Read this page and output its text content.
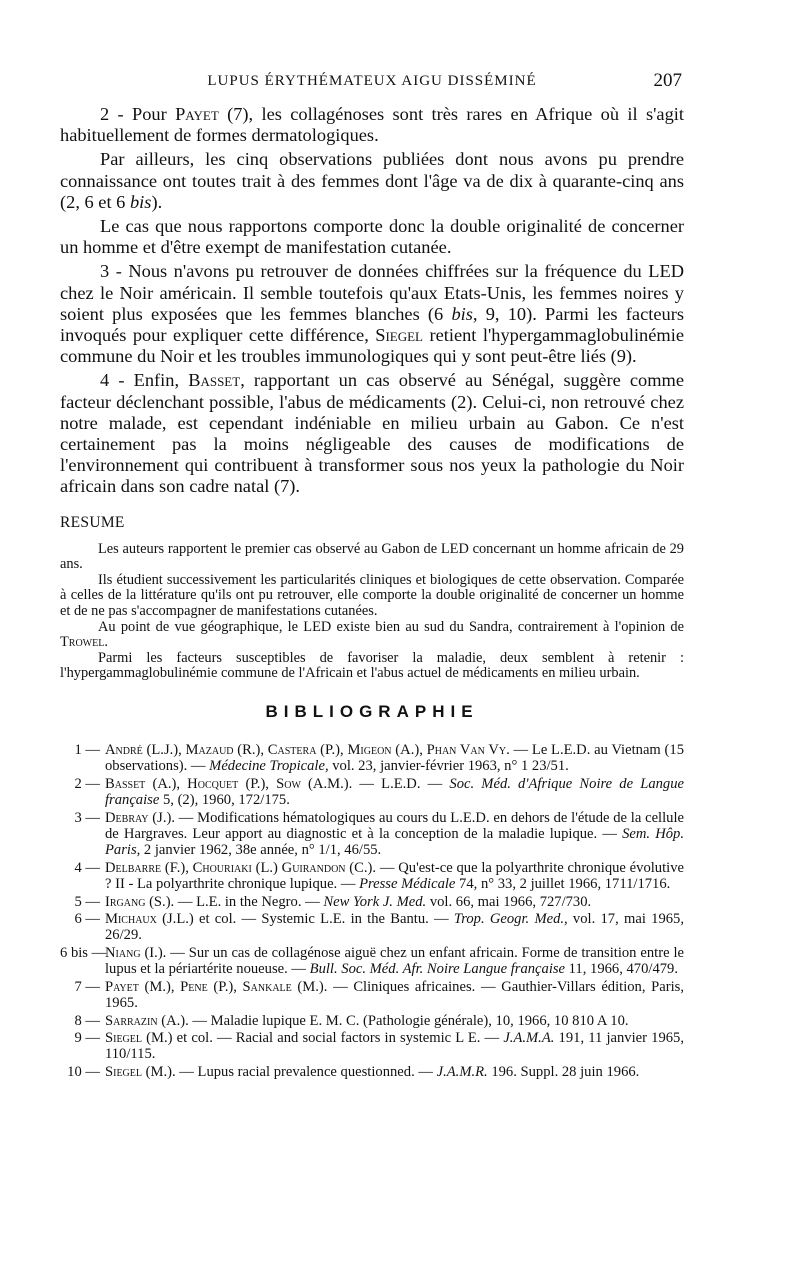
LUPUS ÉRYTHÉMATEUX AIGU DISSÉMINÉ	207

2 - Pour Payet (7), les collagénoses sont très rares en Afrique où il s'agit habituellement de formes dermatologiques.

Par ailleurs, les cinq observations publiées dont nous avons pu prendre connaissance ont toutes trait à des femmes dont l'âge va de dix à quarante-cinq ans (2, 6 et 6 bis).

Le cas que nous rapportons comporte donc la double originalité de concerner un homme et d'être exempt de manifestation cutanée.

3 - Nous n'avons pu retrouver de données chiffrées sur la fréquence du LED chez le Noir américain. Il semble toutefois qu'aux Etats-Unis, les femmes noires y soient plus exposées que les femmes blanches (6 bis, 9, 10). Parmi les facteurs invoqués pour expliquer cette différence, Siegel retient l'hypergammaglobulinémie commune du Noir et les troubles immunologiques qui y sont peut-être liés (9).

4 - Enfin, Basset, rapportant un cas observé au Sénégal, suggère comme facteur déclenchant possible, l'abus de médicaments (2). Celui-ci, non retrouvé chez notre malade, est cependant indéniable en milieu urbain au Gabon. Ce n'est certainement pas la moins négligeable des causes de modifications de l'environnement qui contribuent à transformer sous nos yeux la pathologie du Noir africain dans son cadre natal (7).

RESUME

Les auteurs rapportent le premier cas observé au Gabon de LED concernant un homme africain de 29 ans.

Ils étudient successivement les particularités cliniques et biologiques de cette observation. Comparée à celles de la littérature qu'ils ont pu retrouver, elle comporte la double originalité de concerner un homme et de ne pas s'accompagner de manifestations cutanées.

Au point de vue géographique, le LED existe bien au sud du Sandra, contrairement à l'opinion de Trowel.

Parmi les facteurs susceptibles de favoriser la maladie, deux semblent à retenir : l'hypergammaglobulinémie commune de l'Africain et l'abus actuel de médicaments en milieu urbain.

BIBLIOGRAPHIE
1 — André (L.J.), Mazaud (R.), Castera (P.), Migeon (A.), Phan Van Vy. — Le L.E.D. au Vietnam (15 observations). — Médecine Tropicale, vol. 23, janvier-février 1963, n° 1 23/51.
2 — Basset (A.), Hocquet (P.), Sow (A.M.). — L.E.D. — Soc. Méd. d'Afrique Noire de Langue française 5, (2), 1960, 172/175.
3 — Debray (J.). — Modifications hématologiques au cours du L.E.D. en dehors de l'étude de la cellule de Hargraves. Leur apport au diagnostic et à la conception de la maladie lupique. — Sem. Hôp. Paris, 2 janvier 1962, 38e année, n° 1/1, 46/55.
4 — Delbarre (F.), Chouriaki (L.) Guirandon (C.). — Qu'est-ce que la polyarthrite chronique évolutive ? II - La polyarthrite chronique lupique. — Presse Médicale 74, n° 33, 2 juillet 1966, 1711/1716.
5 — Irgang (S.). — L.E. in the Negro. — New York J. Med. vol. 66, mai 1966, 727/730.
6 — Michaux (J.L.) et col. — Systemic L.E. in the Bantu. — Trop. Geogr. Med., vol. 17, mai 1965, 26/29.
6 bis —
Niang (I.). — Sur un cas de collagénose aiguë chez un enfant africain. Forme de transition entre le lupus et la périartérite noueuse. — Bull. Soc. Méd. Afr. Noire Langue française 11, 1966, 470/479.
7 — Payet (M.), Pene (P.), Sankale (M.). — Cliniques africaines. — Gauthier-Villars édition, Paris, 1965.
8 — Sarrazin (A.). — Maladie lupique E. M. C. (Pathologie générale), 10, 1966, 10 810 A 10.
9 — Siegel (M.) et col. — Racial and social factors in systemic L E. — J.A.M.A. 191, 11 janvier 1965, 110/115.
10 — Siegel (M.). — Lupus racial prevalence questionned. — J.A.M.R. 196. Suppl. 28 juin 1966.
